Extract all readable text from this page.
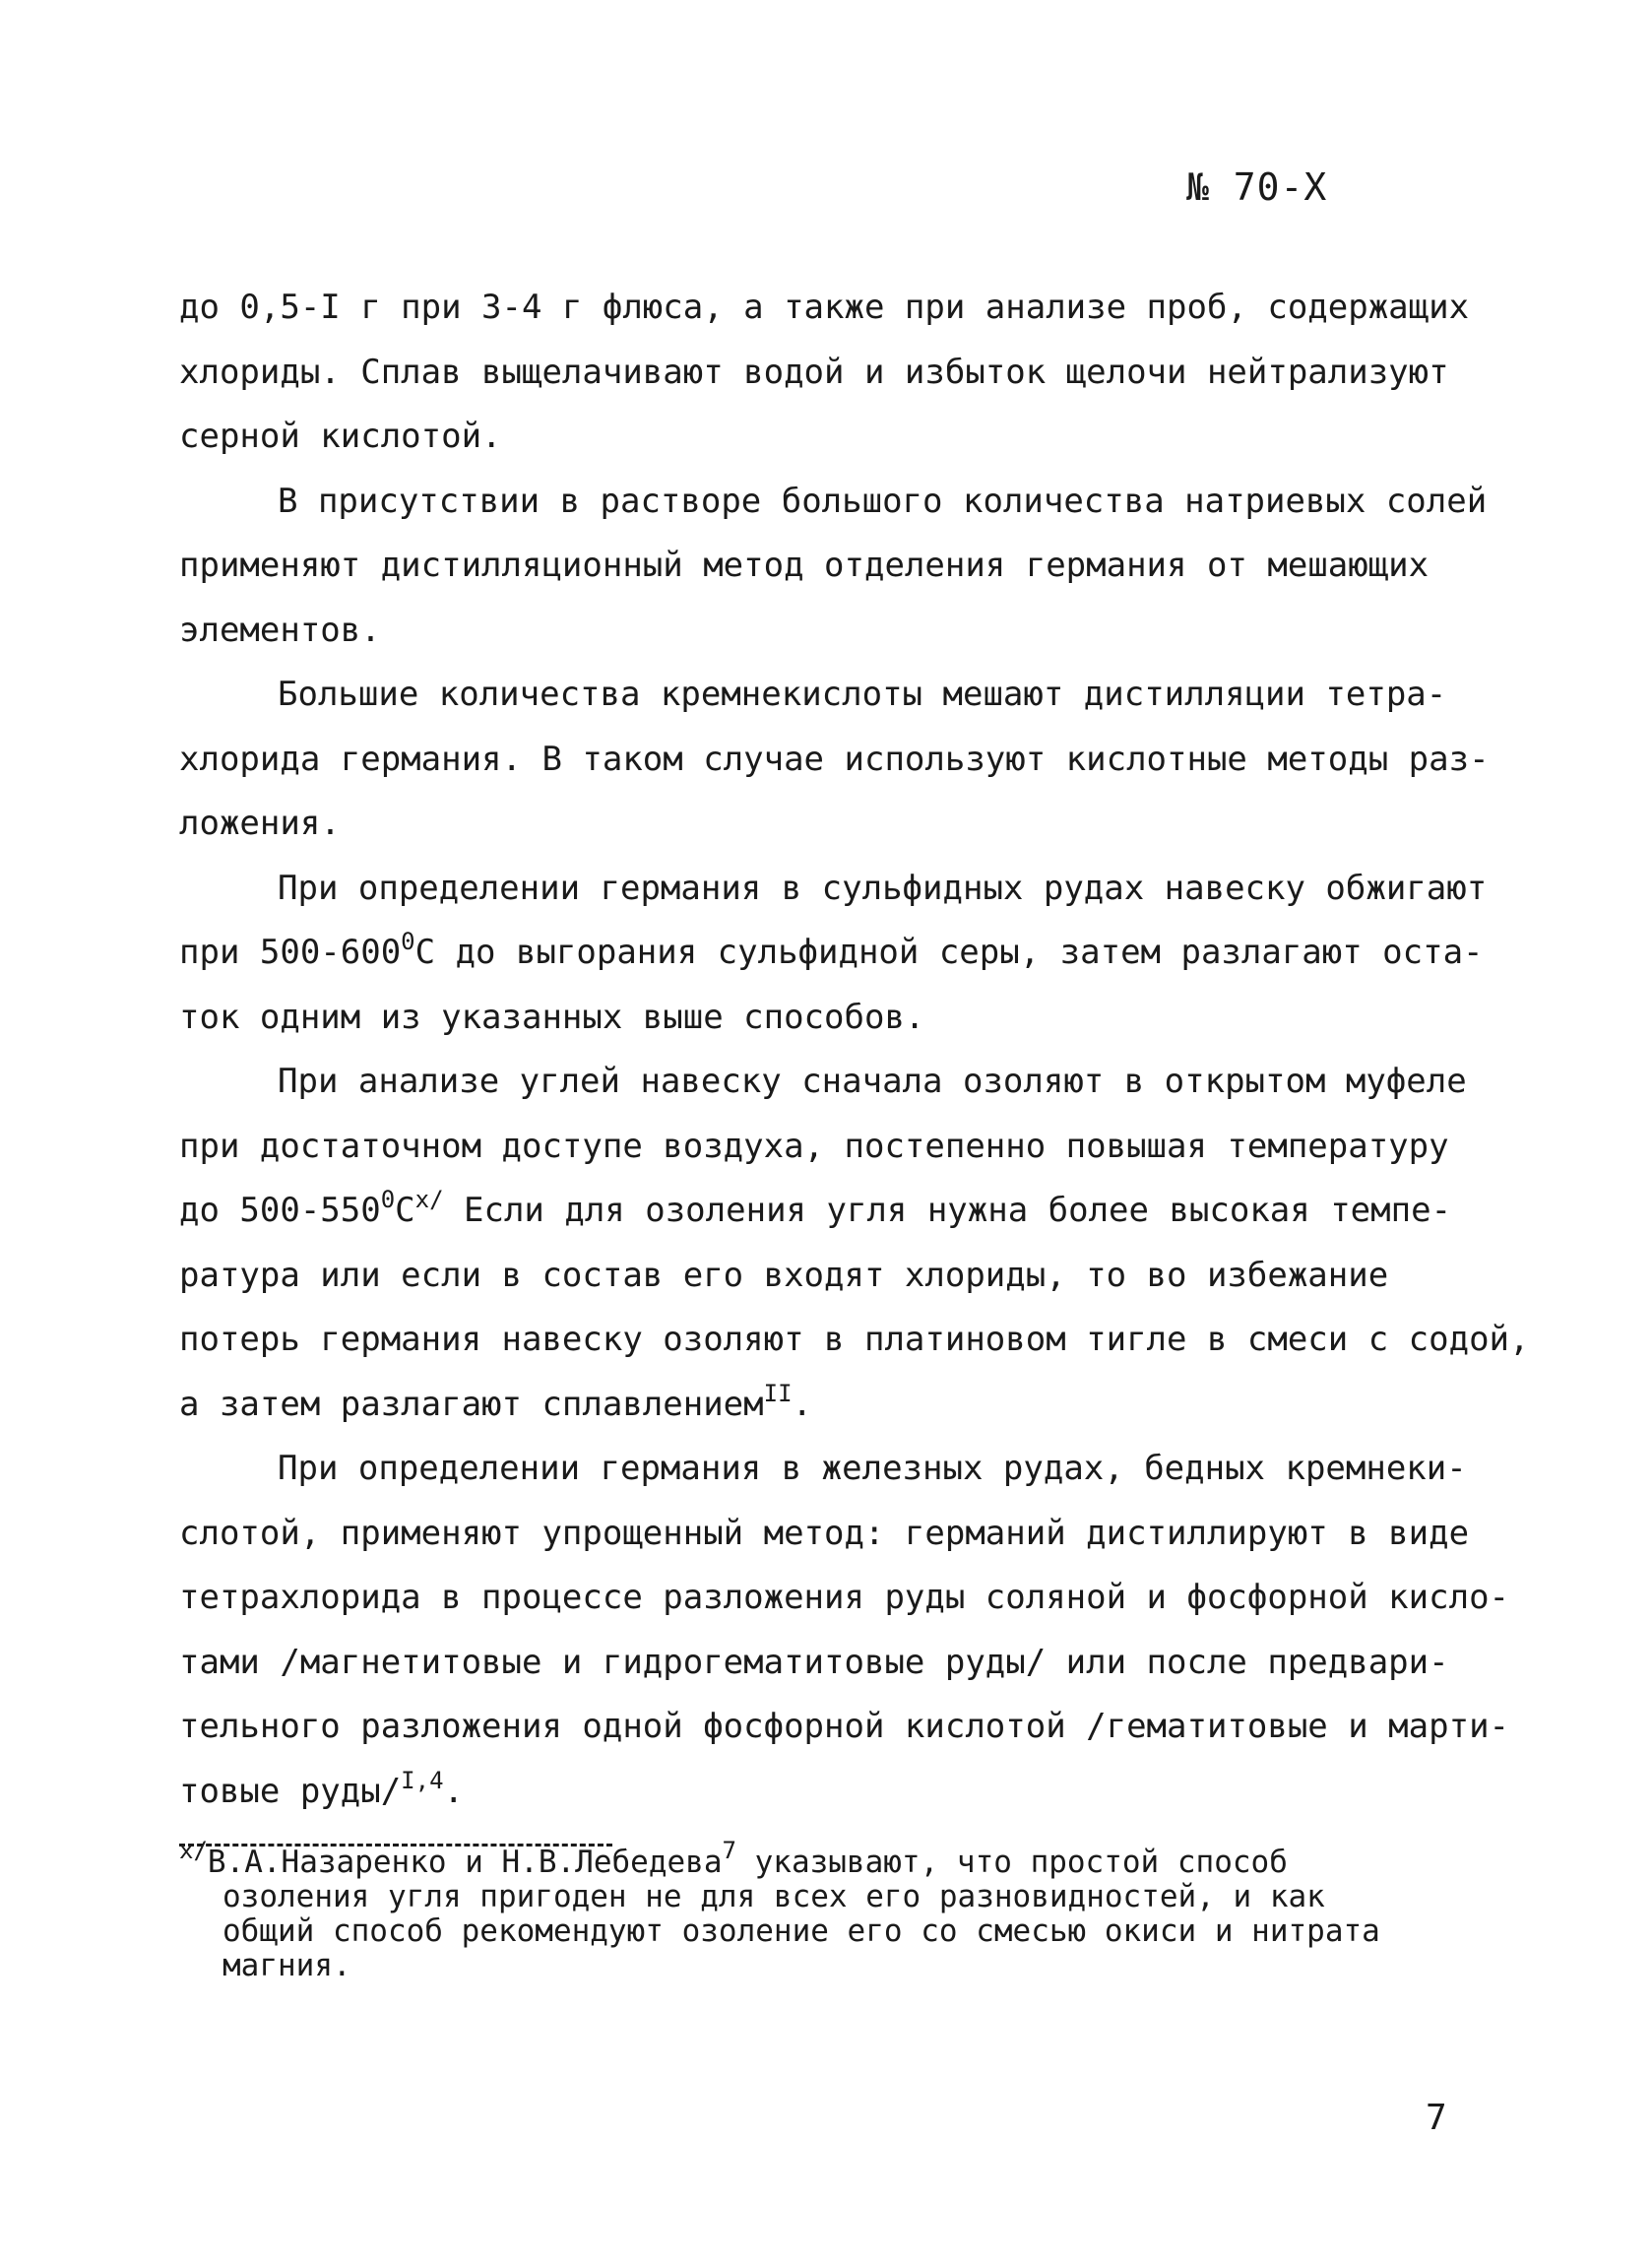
№ 70-Х
до 0,5-I г при 3-4 г флюса, а также при анализе проб, содержащих
хлориды. Сплав выщелачивают водой и избыток щелочи нейтрализуют
серной кислотой.
В присутствии в растворе большого количества натриевых солей
применяют дистилляционный метод отделения германия от мешающих
элементов.
Большие количества кремнекислоты мешают дистилляции тетра-
хлорида германия. В таком случае используют кислотные методы раз-
ложения.
При определении германия в сульфидных рудах навеску обжигают
при $500-600^0С$ до выгорания сульфидной серы, затем разлагают оста-
ток одним из указанных выше способов.
При анализе углей навеску сначала озоляют в открытом муфеле
при достаточном доступе воздуха, постепенно повышая температуру
до $500-550^0С^{х/}$ Если для озоления угля нужна более высокая темпе-
ратура или если в состав его входят хлориды, то во избежание
потерь германия навеску озоляют в платиновом тигле в смеси с содой,
а затем разлагают сплавлением$^{II}$.
При определении германия в железных рудах, бедных кремнеки-
слотой, применяют упрощенный метод: германий дистиллируют в виде
тетрахлорида в процессе разложения руды соляной и фосфорной кисло-
тами /магнетитовые и гидрогематитовые руды/ или после предвари-
тельного разложения одной фосфорной кислотой /гематитовые и марти-
товые руды/$^{I,4}$.
$^{х/}$В.А.Назаренко и Н.В.Лебедева$^7$ указывают, что простой способ
озоления угля пригоден не для всех его разновидностей, и как
общий способ рекомендуют озоление его со смесью окиси и нитрата
магния.
7
